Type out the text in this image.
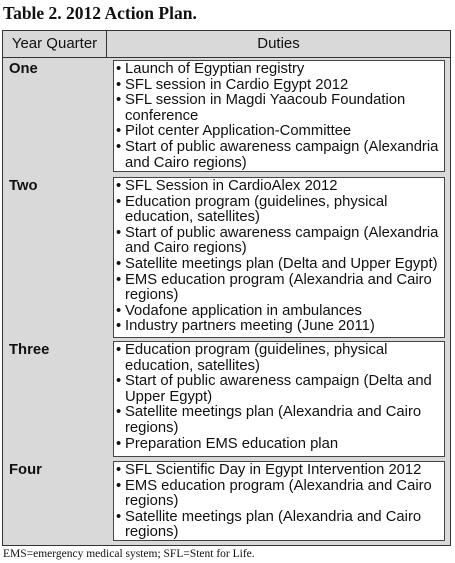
Table 2. 2012 Action Plan.
Year Quarter	Duties
One	• Launch of Egyptian registry
• SFL session in Cardio Egypt 2012
• SFL session in Magdi Yaacoub Foundation conference
• Pilot center Application-Committee
• Start of public awareness campaign (Alexandria and Cairo regions)
Two	• SFL Session in CardioAlex 2012
• Education program (guidelines, physical education, satellites)
• Start of public awareness campaign (Alexandria and Cairo regions)
• Satellite meetings plan (Delta and Upper Egypt)
• EMS education program (Alexandria and Cairo regions)
• Vodafone application in ambulances
• Industry partners meeting (June 2011)
Three	• Education program (guidelines, physical education, satellites)
• Start of public awareness campaign (Delta and Upper Egypt)
• Satellite meetings plan (Alexandria and Cairo regions)
• Preparation EMS education plan
Four	• SFL Scientific Day in Egypt Intervention 2012
• EMS education program (Alexandria and Cairo regions)
• Satellite meetings plan (Alexandria and Cairo regions)
EMS=emergency medical system; SFL=Stent for Life.
